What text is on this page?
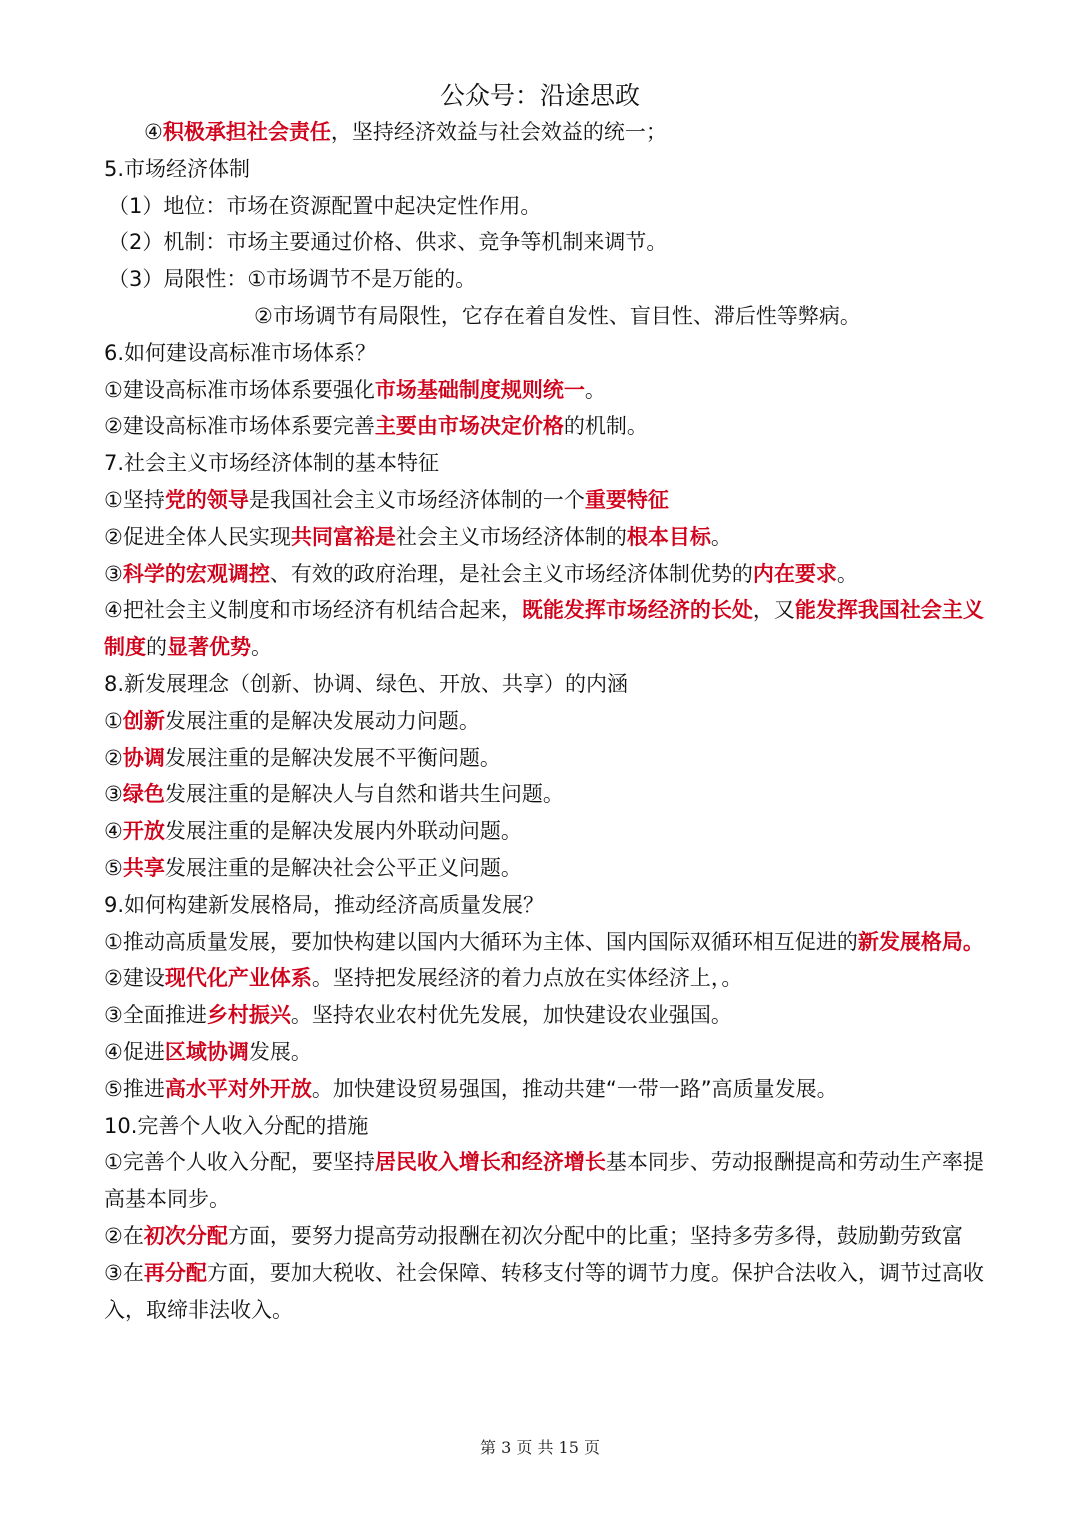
公众号：沿途思政

④积极承担社会责任，坚持经济效益与社会效益的统一；

5.市场经济体制

（1）地位：市场在资源配置中起决定性作用。

（2）机制：市场主要通过价格、供求、竞争等机制来调节。

（3）局限性：①市场调节不是万能的。

②市场调节有局限性，它存在着自发性、盲目性、滞后性等弊病。

6.如何建设高标准市场体系？

①建设高标准市场体系要强化市场基础制度规则统一。

②建设高标准市场体系要完善主要由市场决定价格的机制。

7.社会主义市场经济体制的基本特征

①坚持党的领导是我国社会主义市场经济体制的一个重要特征

②促进全体人民实现共同富裕是社会主义市场经济体制的根本目标。

③科学的宏观调控、有效的政府治理，是社会主义市场经济体制优势的内在要求。

④把社会主义制度和市场经济有机结合起来，既能发挥市场经济的长处，又能发挥我国社会主义制度的显著优势。

8.新发展理念（创新、协调、绿色、开放、共享）的内涵

①创新发展注重的是解决发展动力问题。

②协调发展注重的是解决发展不平衡问题。

③绿色发展注重的是解决人与自然和谐共生问题。

④开放发展注重的是解决发展内外联动问题。

⑤共享发展注重的是解决社会公平正义问题。

9.如何构建新发展格局，推动经济高质量发展？

①推动高质量发展，要加快构建以国内大循环为主体、国内国际双循环相互促进的新发展格局。

②建设现代化产业体系。坚持把发展经济的着力点放在实体经济上，。

③全面推进乡村振兴。坚持农业农村优先发展，加快建设农业强国。

④促进区域协调发展。

⑤推进高水平对外开放。加快建设贸易强国，推动共建“一带一路”高质量发展。

10.完善个人收入分配的措施

①完善个人收入分配，要坚持居民收入增长和经济增长基本同步、劳动报酬提高和劳动生产率提高基本同步。

②在初次分配方面，要努力提高劳动报酬在初次分配中的比重；坚持多劳多得，鼓励勤劳致富

③在再分配方面，要加大税收、社会保障、转移支付等的调节力度。保护合法收入，调节过高收入，取缔非法收入。

第 3 页 共 15 页
